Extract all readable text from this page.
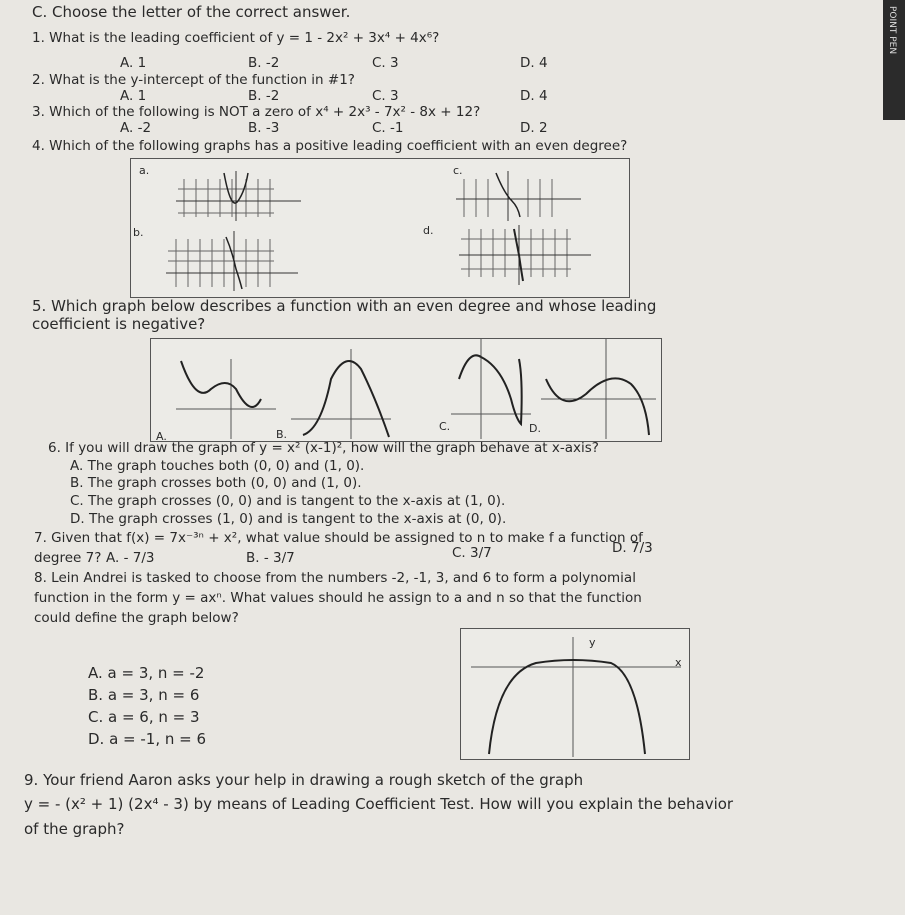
POINT PEN
C. Choose the letter of the correct answer.
1. What is the leading coefficient of y = 1 - 2x² + 3x⁴ + 4x⁶?
A. 1	B. -2	C. 3	D. 4
2. What is the y-intercept of the function in #1?
A. 1	B. -2	C. 3	D. 4
3. Which of the following is NOT a zero of x⁴ + 2x³ - 7x² - 8x + 12?
A. -2	B. -3	C. -1	D. 2
4. Which of the following graphs has a positive leading coefficient with an even degree?
a.
b.
c.
d.
5. Which graph below describes a function with an even degree and whose leading
coefficient is negative?
A.	B.
C.	D.
6. If you will draw the graph of y = x² (x-1)², how will the graph behave at x-axis?
A. The graph touches both (0, 0) and (1, 0).
B. The graph crosses both (0, 0) and (1, 0).
C. The graph crosses (0, 0) and is tangent to the x-axis at (1, 0).
D. The graph crosses (1, 0) and is tangent to the x-axis at (0, 0).
7. Given that f(x) = 7x⁻³ⁿ + x², what value should be assigned to n to make f a function of
degree 7? A. - 7/3	B. - 3/7	C. 3/7	D. 7/3
8. Lein Andrei is tasked to choose from the numbers -2, -1, 3, and 6 to form a polynomial
function in the form y = axⁿ. What values should he assign to a and n so that the function
could define the graph below?
A. a = 3, n = -2
B. a = 3, n = 6
C. a = 6, n = 3
D. a = -1, n = 6
y
x
9. Your friend Aaron asks your help in drawing a rough sketch of the graph
y = - (x² + 1) (2x⁴ - 3) by means of Leading Coefficient Test. How will you explain the behavior
of the graph?
